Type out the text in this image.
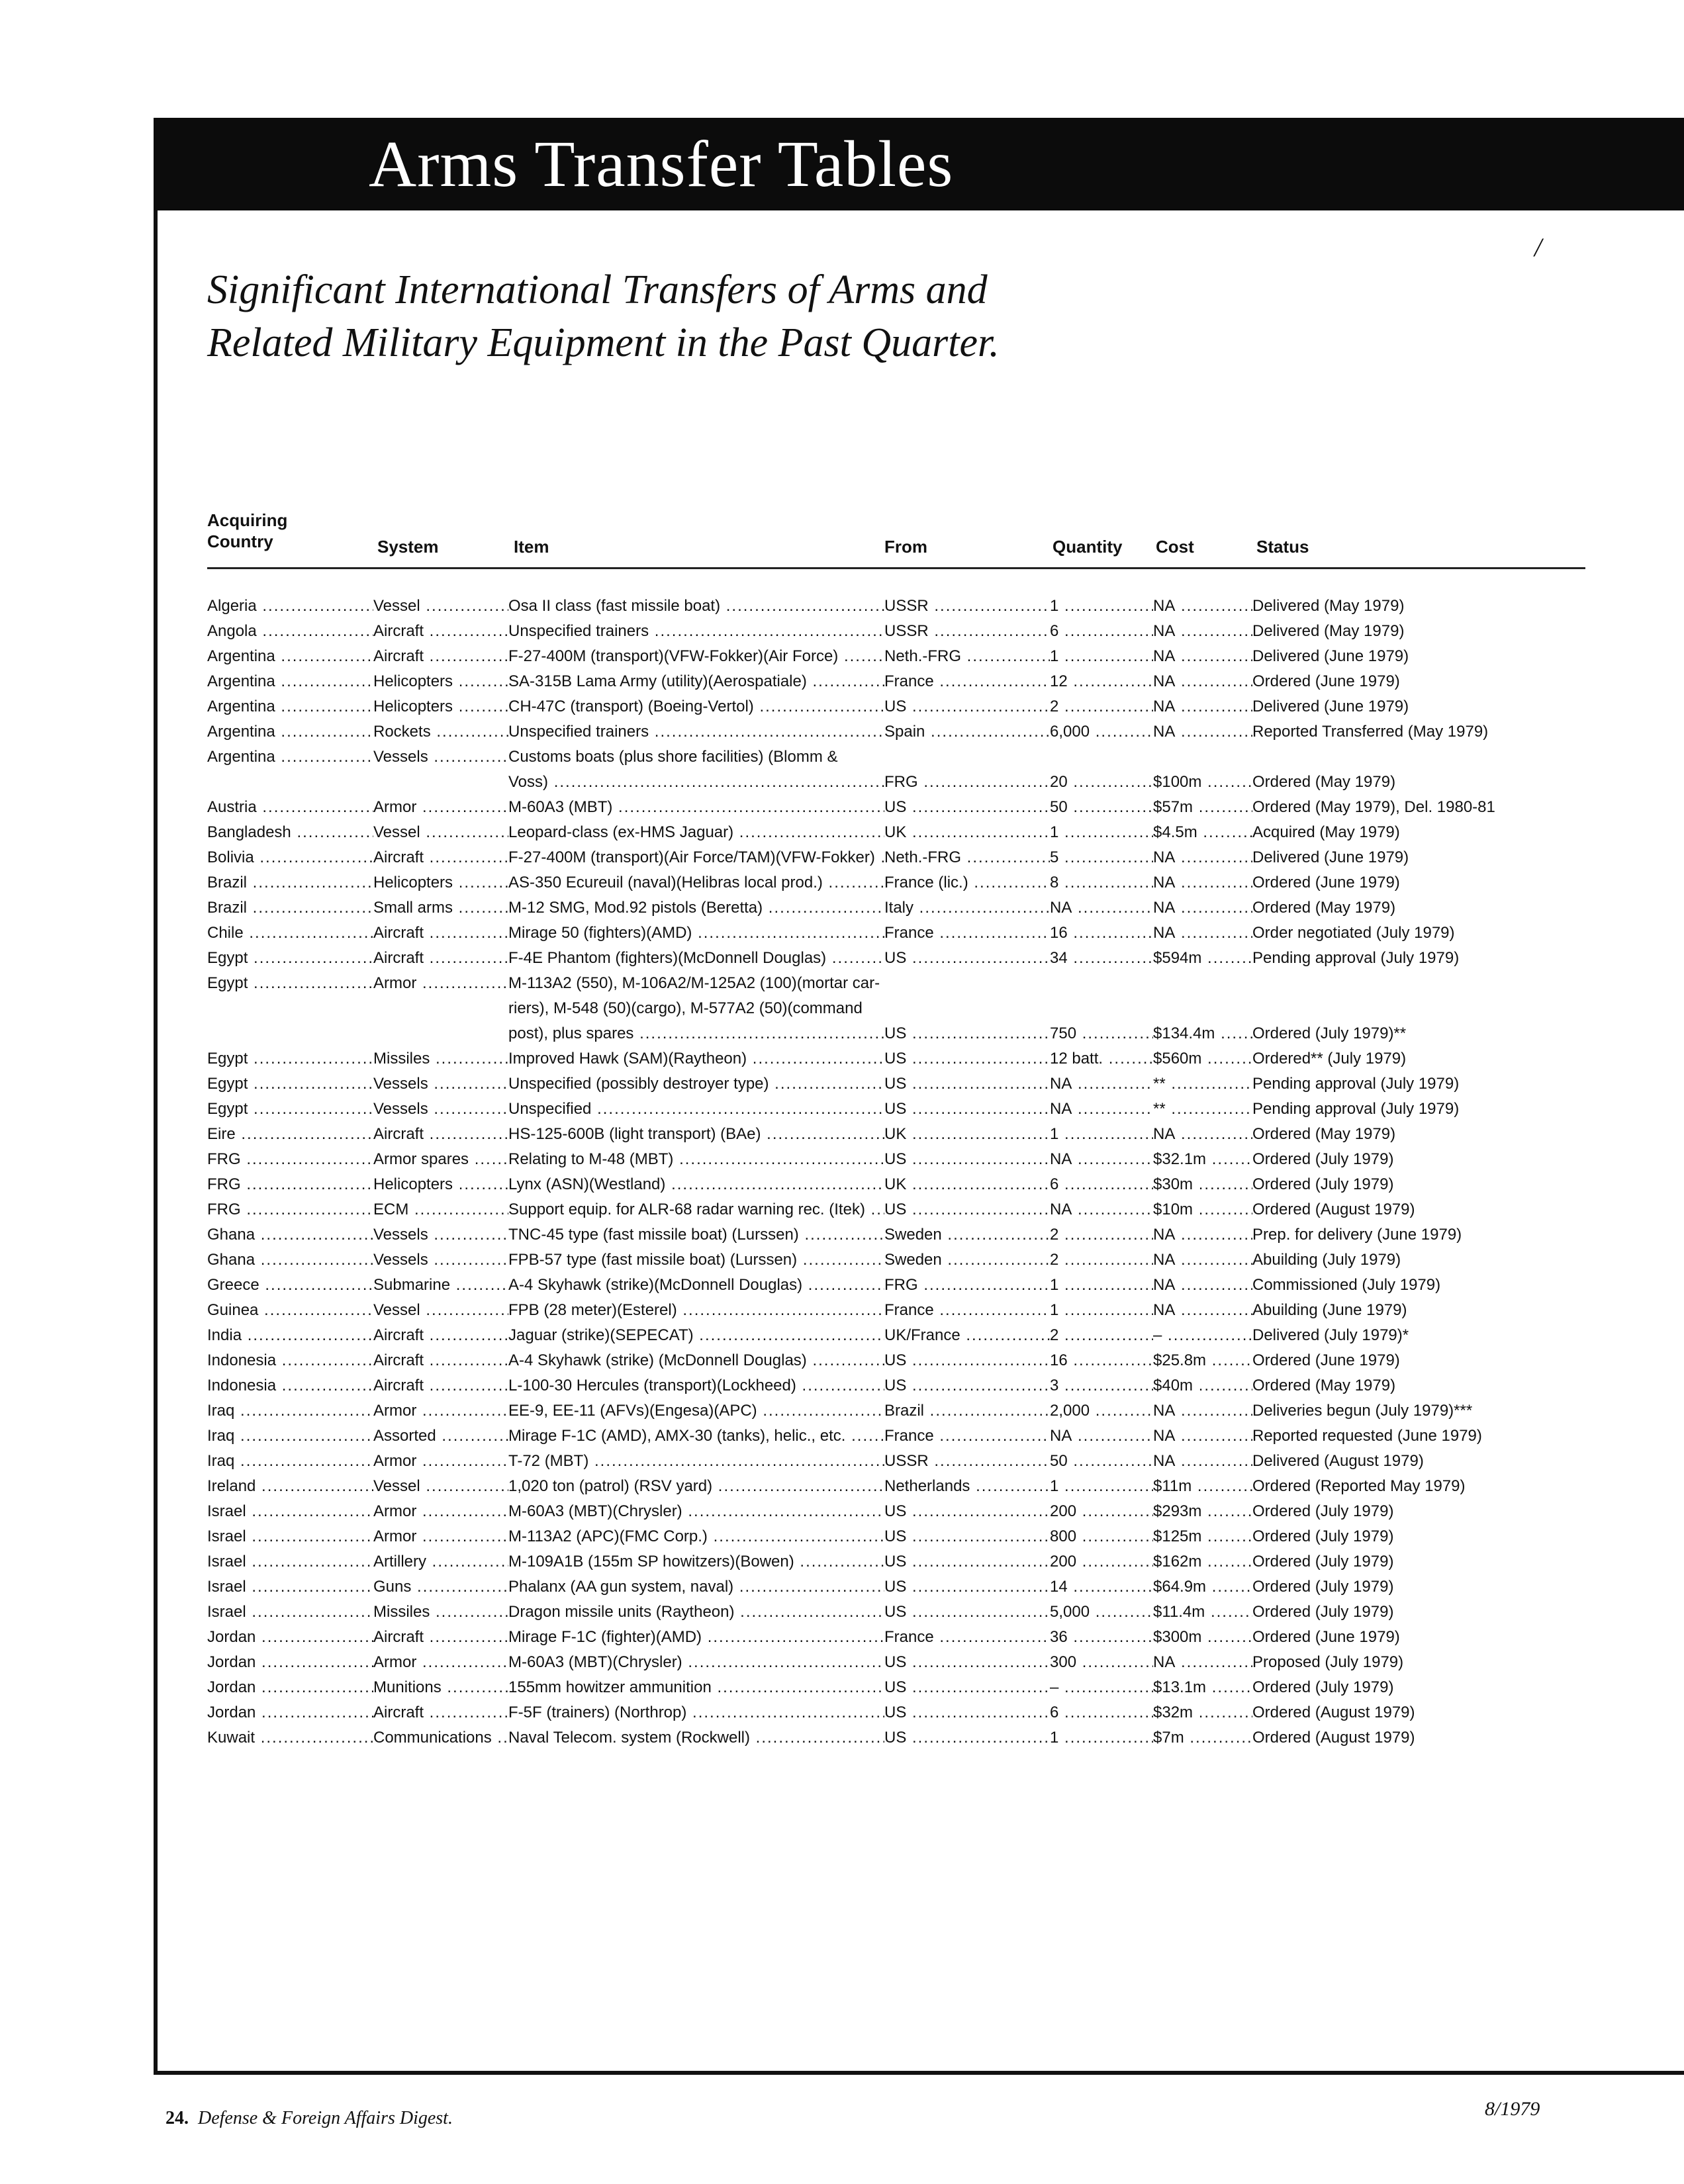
Arms Transfer Tables
/
Significant International Transfers of Arms and
Related Military Equipment in the Past Quarter.
Acquiring
Country	System	Item	From	Quantity Cost	Status
Algeria .....	Vessel .....	Osa II class (fast missile boat) .....	USSR .....	1 .....	NA .....	Delivered (May 1979)
Angola .....	Aircraft .....	Unspecified trainers .....	USSR .....	6 .....	NA .....	Delivered (May 1979)
Argentina .....	Aircraft .....	F-27-400M (transport)(VFW-Fokker)(Air Force) .....	Neth.-FRG .....	1 .....	NA .....	Delivered (June 1979)
Argentina .....	Helicopters .....	SA-315B Lama Army (utility)(Aerospatiale) .....	France .....	12 .....	NA .....	Ordered (June 1979)
Argentina .....	Helicopters .....	CH-47C (transport) (Boeing-Vertol) .....	US .....	2 .....	NA .....	Delivered (June 1979)
Argentina .....	Rockets .....	Unspecified trainers .....	Spain .....	6,000 .....	NA .....	Reported Transferred (May 1979)
Argentina .....	Vessels .....	Customs boats (plus shore facilities) (Blomm &
Voss) .....	FRG .....	20 .....	$100m .....	Ordered (May 1979)
Austria .....	Armor .....	M-60A3 (MBT) .....	US .....	50 .....	$57m .....	Ordered (May 1979), Del. 1980-81
Bangladesh .....	Vessel .....	Leopard-class (ex-HMS Jaguar) .....	UK .....	1 .....	$4.5m .....	Acquired (May 1979)
Bolivia .....	Aircraft .....	F-27-400M (transport)(Air Force/TAM)(VFW-Fokker) ..... Neth.-FRG .....	5 .....	NA .....	Delivered (June 1979)
Brazil .....	Helicopters .....	AS-350 Ecureuil (naval)(Helibras local prod.) .....	France (lic.) .....	8 .....	NA .....	Ordered (June 1979)
Brazil .....	Small arms .....	M-12 SMG, Mod.92 pistols (Beretta) .....	Italy .....	NA .....	NA .....	Ordered (May 1979)
Chile .....	Aircraft .....	Mirage 50 (fighters)(AMD) .....	France .....	16 .....	NA .....	Order negotiated (July 1979)
Egypt .....	Aircraft .....	F-4E Phantom (fighters)(McDonnell Douglas) .....	US .....	34 .....	$594m .....	Pending approval (July 1979)
Egypt .....	Armor .....	M-113A2 (550), M-106A2/M-125A2 (100)(mortar car-
riers), M-548 (50)(cargo), M-577A2 (50)(command
post), plus spares .....	US .....	750 .....	$134.4m .....	Ordered (July 1979)**
Egypt .....	Missiles .....	Improved Hawk (SAM)(Raytheon) .....	US .....	12 batt. .....	$560m .....	Ordered** (July 1979)
Egypt .....	Vessels .....	Unspecified (possibly destroyer type) .....	US .....	NA .....	** .....	Pending approval (July 1979)
Egypt .....	Vessels .....	Unspecified .....	US .....	NA .....	** .....	Pending approval (July 1979)
Eire .....	Aircraft .....	HS-125-600B (light transport) (BAe) .....	UK .....	1 .....	NA .....	Ordered (May 1979)
FRG .....	Armor spares .....	Relating to M-48 (MBT) .....	US .....	NA .....	$32.1m .....	Ordered (July 1979)
FRG .....	Helicopters .....	Lynx (ASN)(Westland) .....	UK .....	6 .....	$30m .....	Ordered (July 1979)
FRG .....	ECM .....	Support equip. for ALR-68 radar warning rec. (Itek) .....	US .....	NA .....	$10m .....	Ordered (August 1979)
Ghana .....	Vessels .....	TNC-45 type (fast missile boat) (Lurssen) .....	Sweden .....	2 .....	NA .....	Prep. for delivery (June 1979)
Ghana .....	Vessels .....	FPB-57 type (fast missile boat) (Lurssen) .....	Sweden .....	2 .....	NA .....	Abuilding (July 1979)
Greece .....	Submarine .....	A-4 Skyhawk (strike)(McDonnell Douglas) .....	FRG .....	1 .....	NA .....	Commissioned (July 1979)
Guinea .....	Vessel .....	FPB (28 meter)(Esterel) .....	France .....	1 .....	NA .....	Abuilding (June 1979)
India .....	Aircraft .....	Jaguar (strike)(SEPECAT) .....	UK/France .....	2 .....	– .....	Delivered (July 1979)*
Indonesia .....	Aircraft .....	A-4 Skyhawk (strike) (McDonnell Douglas) .....	US .....	16 .....	$25.8m .....	Ordered (June 1979)
Indonesia .....	Aircraft .....	L-100-30 Hercules (transport)(Lockheed) .....	US .....	3 .....	$40m .....	Ordered (May 1979)
Iraq .....	Armor .....	EE-9, EE-11 (AFVs)(Engesa)(APC) .....	Brazil .....	2,000 .....	NA .....	Deliveries begun (July 1979)***
Iraq .....	Assorted .....	Mirage F-1C (AMD), AMX-30 (tanks), helic., etc. .....	France .....	NA .....	NA .....	Reported requested (June 1979)
Iraq .....	Armor .....	T-72 (MBT) .....	USSR .....	50 .....	NA .....	Delivered (August 1979)
Ireland .....	Vessel .....	1,020 ton (patrol) (RSV yard) .....	Netherlands .....	1 .....	$11m .....	Ordered (Reported May 1979)
Israel .....	Armor .....	M-60A3 (MBT)(Chrysler) .....	US .....	200 .....	$293m .....	Ordered (July 1979)
Israel .....	Armor .....	M-113A2 (APC)(FMC Corp.) .....	US .....	800 .....	$125m .....	Ordered (July 1979)
Israel .....	Artillery .....	M-109A1B (155m SP howitzers)(Bowen) .....	US .....	200 .....	$162m .....	Ordered (July 1979)
Israel .....	Guns .....	Phalanx (AA gun system, naval) .....	US .....	14 .....	$64.9m .....	Ordered (July 1979)
Israel .....	Missiles .....	Dragon missile units (Raytheon) .....	US .....	5,000 .....	$11.4m .....	Ordered (July 1979)
Jordan .....	Aircraft .....	Mirage F-1C (fighter)(AMD) .....	France .....	36 .....	$300m .....	Ordered (June 1979)
Jordan .....	Armor .....	M-60A3 (MBT)(Chrysler) .....	US .....	300 .....	NA .....	Proposed (July 1979)
Jordan .....	Munitions .....	155mm howitzer ammunition .....	US .....	– .....	$13.1m .....	Ordered (July 1979)
Jordan .....	Aircraft .....	F-5F (trainers) (Northrop) .....	US .....	6 .....	$32m .....	Ordered (August 1979)
Kuwait .....	Communications .....	Naval Telecom. system (Rockwell) .....	US .....	1 .....	$7m .....	Ordered (August 1979)
24. Defense & Foreign Affairs Digest.	8/1979
